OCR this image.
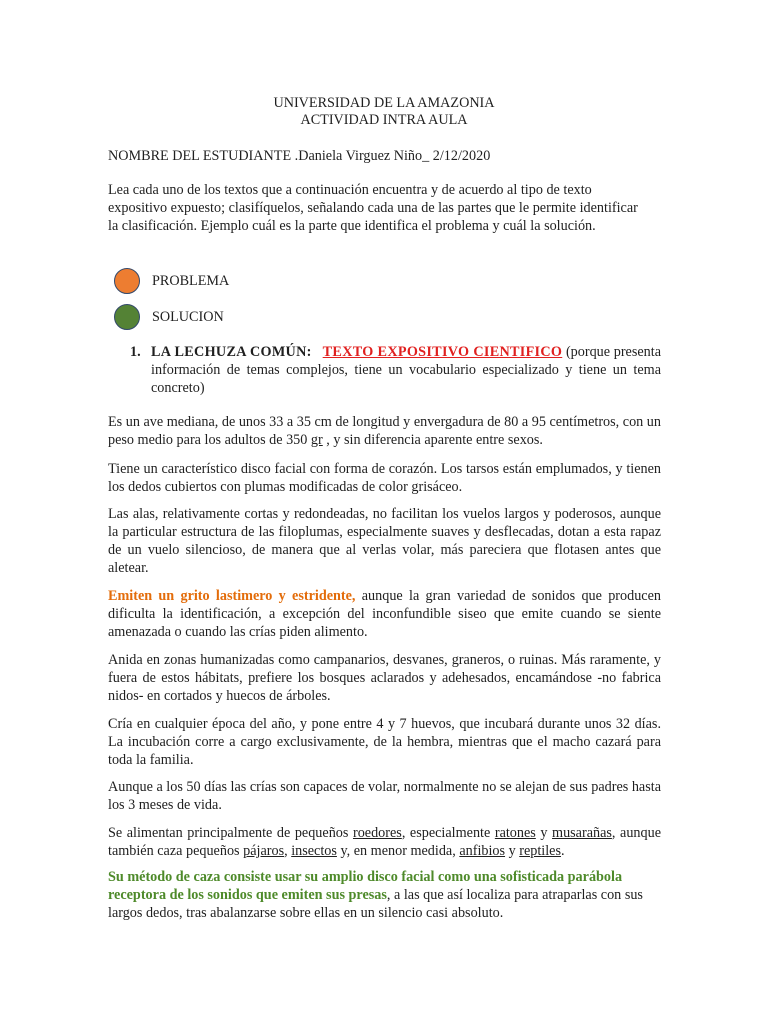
UNIVERSIDAD DE LA AMAZONIA
ACTIVIDAD INTRA AULA
NOMBRE DEL ESTUDIANTE .Daniela Virguez Niño_ 2/12/2020
Lea cada uno de los textos que a continuación encuentra y de acuerdo al tipo de texto expositivo expuesto; clasifíquelos, señalando cada una de las partes que le permite identificar la clasificación. Ejemplo cuál es la parte que identifica el problema y cuál la solución.
PROBLEMA
SOLUCION
1. LA LECHUZA COMÚN: TEXTO EXPOSITIVO CIENTIFICO (porque presenta información de temas complejos, tiene un vocabulario especializado y tiene un tema concreto)
Es un ave mediana, de unos 33 a 35 cm de longitud y envergadura de 80 a 95 centímetros, con un peso medio para los adultos de 350 gr , y sin diferencia aparente entre sexos.
Tiene un característico disco facial con forma de corazón. Los tarsos están emplumados, y tienen los dedos cubiertos con plumas modificadas de color grisáceo.
Las alas, relativamente cortas y redondeadas, no facilitan los vuelos largos y poderosos, aunque la particular estructura de las filoplumas, especialmente suaves y desflecadas, dotan a esta rapaz de un vuelo silencioso, de manera que al verlas volar, más pareciera que flotasen antes que aletear.
Emiten un grito lastimero y estridente, aunque la gran variedad de sonidos que producen dificulta la identificación, a excepción del inconfundible siseo que emite cuando se siente amenazada o cuando las crías piden alimento.
Anida en zonas humanizadas como campanarios, desvanes, graneros, o ruinas. Más raramente, y fuera de estos hábitats, prefiere los bosques aclarados y adehesados, encamándose -no fabrica nidos- en cortados y huecos de árboles.
Cría en cualquier época del año, y pone entre 4 y 7 huevos, que incubará durante unos 32 días. La incubación corre a cargo exclusivamente, de la hembra, mientras que el macho cazará para toda la familia.
Aunque a los 50 días las crías son capaces de volar, normalmente no se alejan de sus padres hasta los 3 meses de vida.
Se alimentan principalmente de pequeños roedores, especialmente ratones y musarañas, aunque también caza pequeños pájaros, insectos y, en menor medida, anfibios y reptiles.
Su método de caza consiste usar su amplio disco facial como una sofisticada parábola receptora de los sonidos que emiten sus presas, a las que así localiza para atraparlas con sus largos dedos, tras abalanzarse sobre ellas en un silencio casi absoluto.
